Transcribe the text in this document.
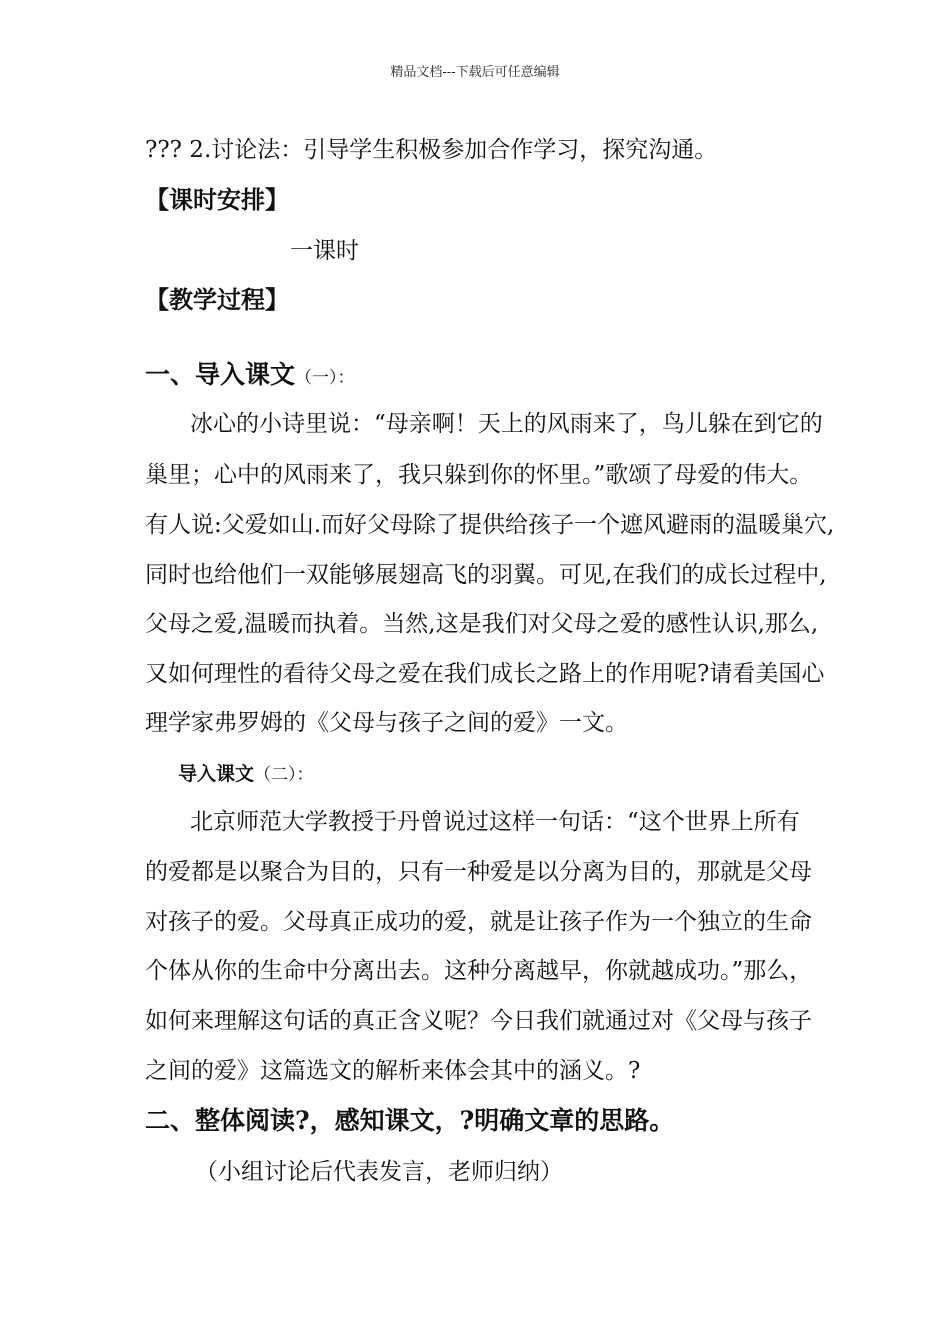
精品文档---下载后可任意编辑
??? 2.讨论法：引导学生积极参加合作学习，探究沟通。
【课时安排】
一课时
【教学过程】
一、导入课文（一）：
冰心的小诗里说：“母亲啊！天上的风雨来了，鸟儿躲在到它的
巢里；心中的风雨来了，我只躲到你的怀里。”歌颂了母爱的伟大。
有人说:父爱如山.而好父母除了提供给孩子一个遮风避雨的温暖巢穴,
同时也给他们一双能够展翅高飞的羽翼。可见,在我们的成长过程中,
父母之爱,温暖而执着。当然,这是我们对父母之爱的感性认识,那么,
又如何理性的看待父母之爱在我们成长之路上的作用呢?请看美国心
理学家弗罗姆的《父母与孩子之间的爱》一文。
导入课文（二）：
北京师范大学教授于丹曾说过这样一句话：“这个世界上所有
的爱都是以聚合为目的，只有一种爱是以分离为目的，那就是父母
对孩子的爱。父母真正成功的爱，就是让孩子作为一个独立的生命
个体从你的生命中分离出去。这种分离越早，你就越成功。”那么，
如何来理解这句话的真正含义呢？今日我们就通过对《父母与孩子
之间的爱》这篇选文的解析来体会其中的涵义。?
二、整体阅读?，感知课文，?明确文章的思路。
（小组讨论后代表发言，老师归纳）
